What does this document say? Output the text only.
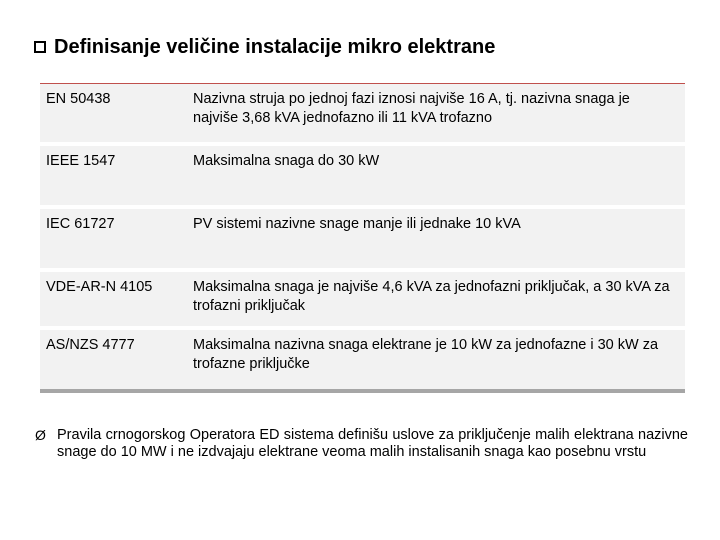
Definisanje veličine instalacije mikro elektrane
EN 50438	Nazivna struja po jednoj fazi iznosi najviše 16 A, tj. nazivna snaga je najviše 3,68 kVA jednofazno ili 11 kVA trofazno
IEEE 1547	Maksimalna snaga do 30 kW
IEC 61727	PV sistemi nazivne snage manje ili jednake 10 kVA
VDE-AR-N 4105	Maksimalna snaga je najviše 4,6 kVA za jednofazni priključak, a 30 kVA za trofazni priključak
AS/NZS 4777	Maksimalna nazivna snaga elektrane je 10 kW za jednofazne i 30 kW za trofazne priključke
Ø Pravila crnogorskog Operatora ED sistema definišu uslove za priključenje malih elektrana nazivne snage do 10 MW i ne izdvajaju elektrane veoma malih instalisanih snaga kao posebnu vrstu
